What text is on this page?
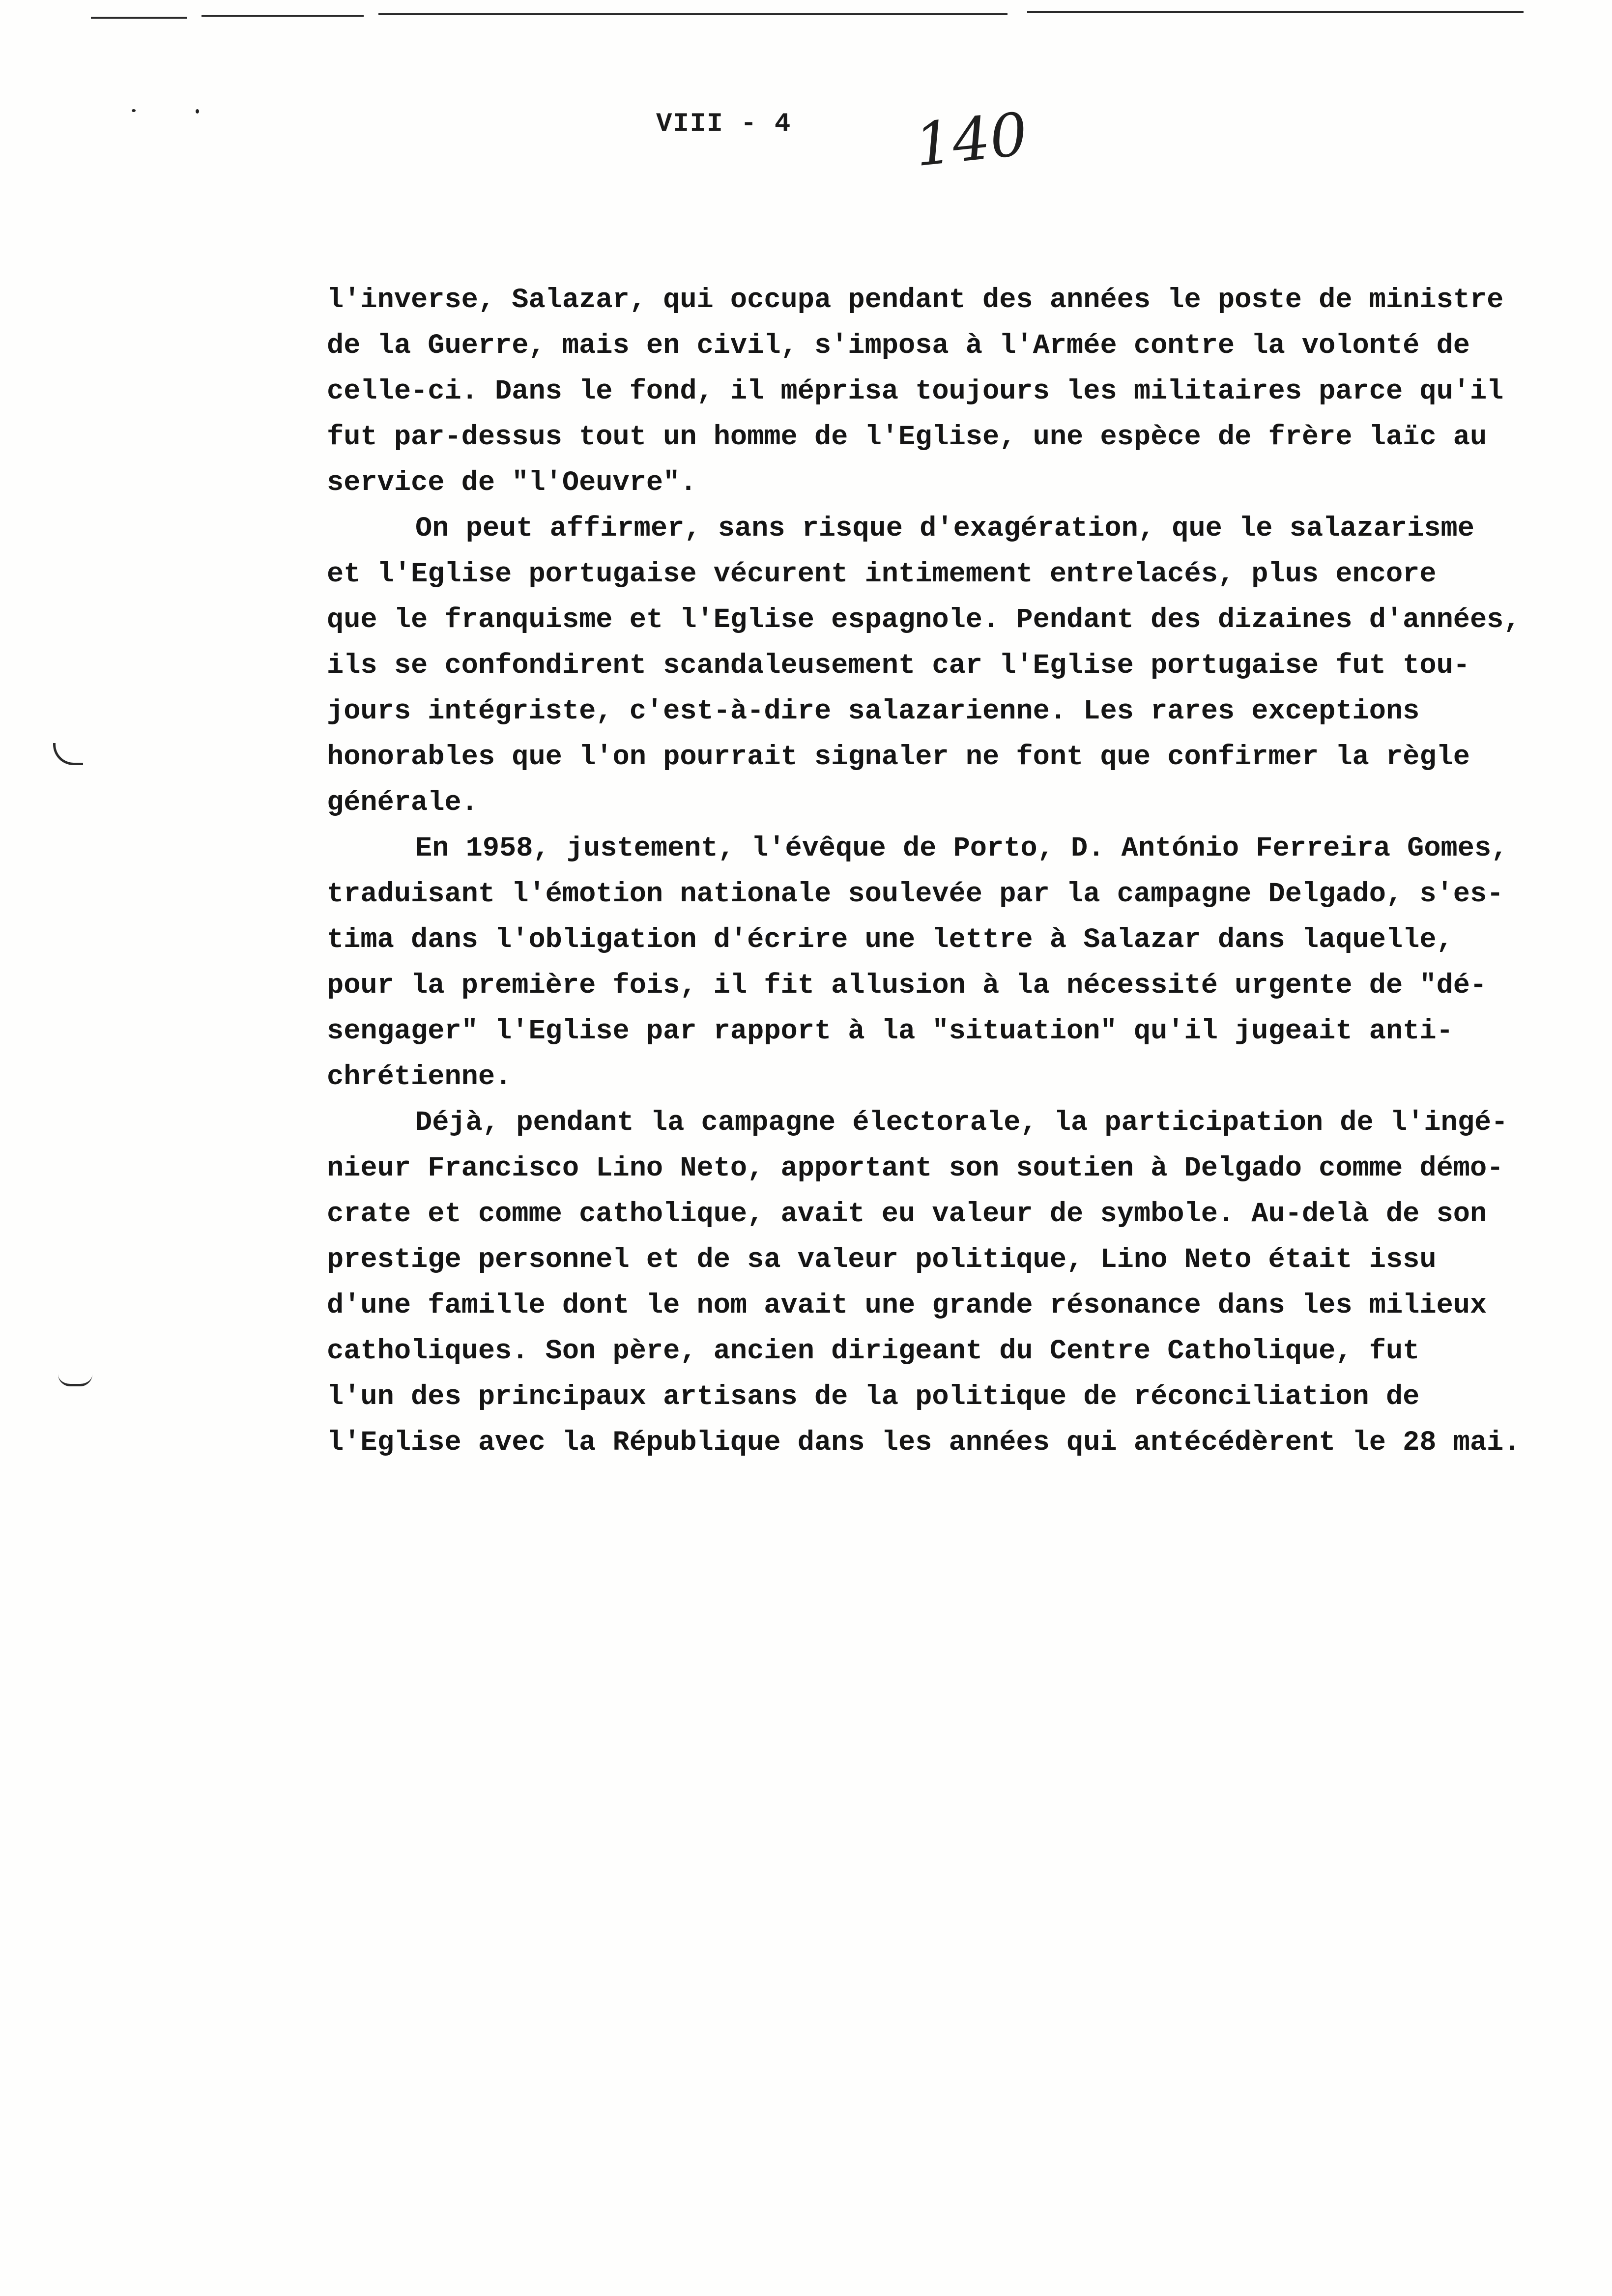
VIII - 4 140
l'inverse, Salazar, qui occupa pendant des années le poste de ministre
de la Guerre, mais en civil, s'imposa à l'Armée contre la volonté de
celle-ci. Dans le fond, il méprisa toujours les militaires parce qu'il
fut par-dessus tout un homme de l'Eglise, une espèce de frère laïc au
service de "l'Oeuvre".
On peut affirmer, sans risque d'exagération, que le salazarisme
et l'Eglise portugaise vécurent intimement entrelacés, plus encore
que le franquisme et l'Eglise espagnole. Pendant des dizaines d'années,
ils se confondirent scandaleusement car l'Eglise portugaise fut tou-
jours intégriste, c'est-à-dire salazarienne. Les rares exceptions
honorables que l'on pourrait signaler ne font que confirmer la règle
générale.
En 1958, justement, l'évêque de Porto, D. António Ferreira Gomes,
traduisant l'émotion nationale soulevée par la campagne Delgado, s'es-
tima dans l'obligation d'écrire une lettre à Salazar dans laquelle,
pour la première fois, il fit allusion à la nécessité urgente de "dé-
sengager" l'Eglise par rapport à la "situation" qu'il jugeait anti-
chrétienne.
Déjà, pendant la campagne électorale, la participation de l'ingé-
nieur Francisco Lino Neto, apportant son soutien à Delgado comme démo-
crate et comme catholique, avait eu valeur de symbole. Au-delà de son
prestige personnel et de sa valeur politique, Lino Neto était issu
d'une famille dont le nom avait une grande résonance dans les milieux
catholiques. Son père, ancien dirigeant du Centre Catholique, fut
l'un des principaux artisans de la politique de réconciliation de
l'Eglise avec la République dans les années qui antécédèrent le 28 mai.
